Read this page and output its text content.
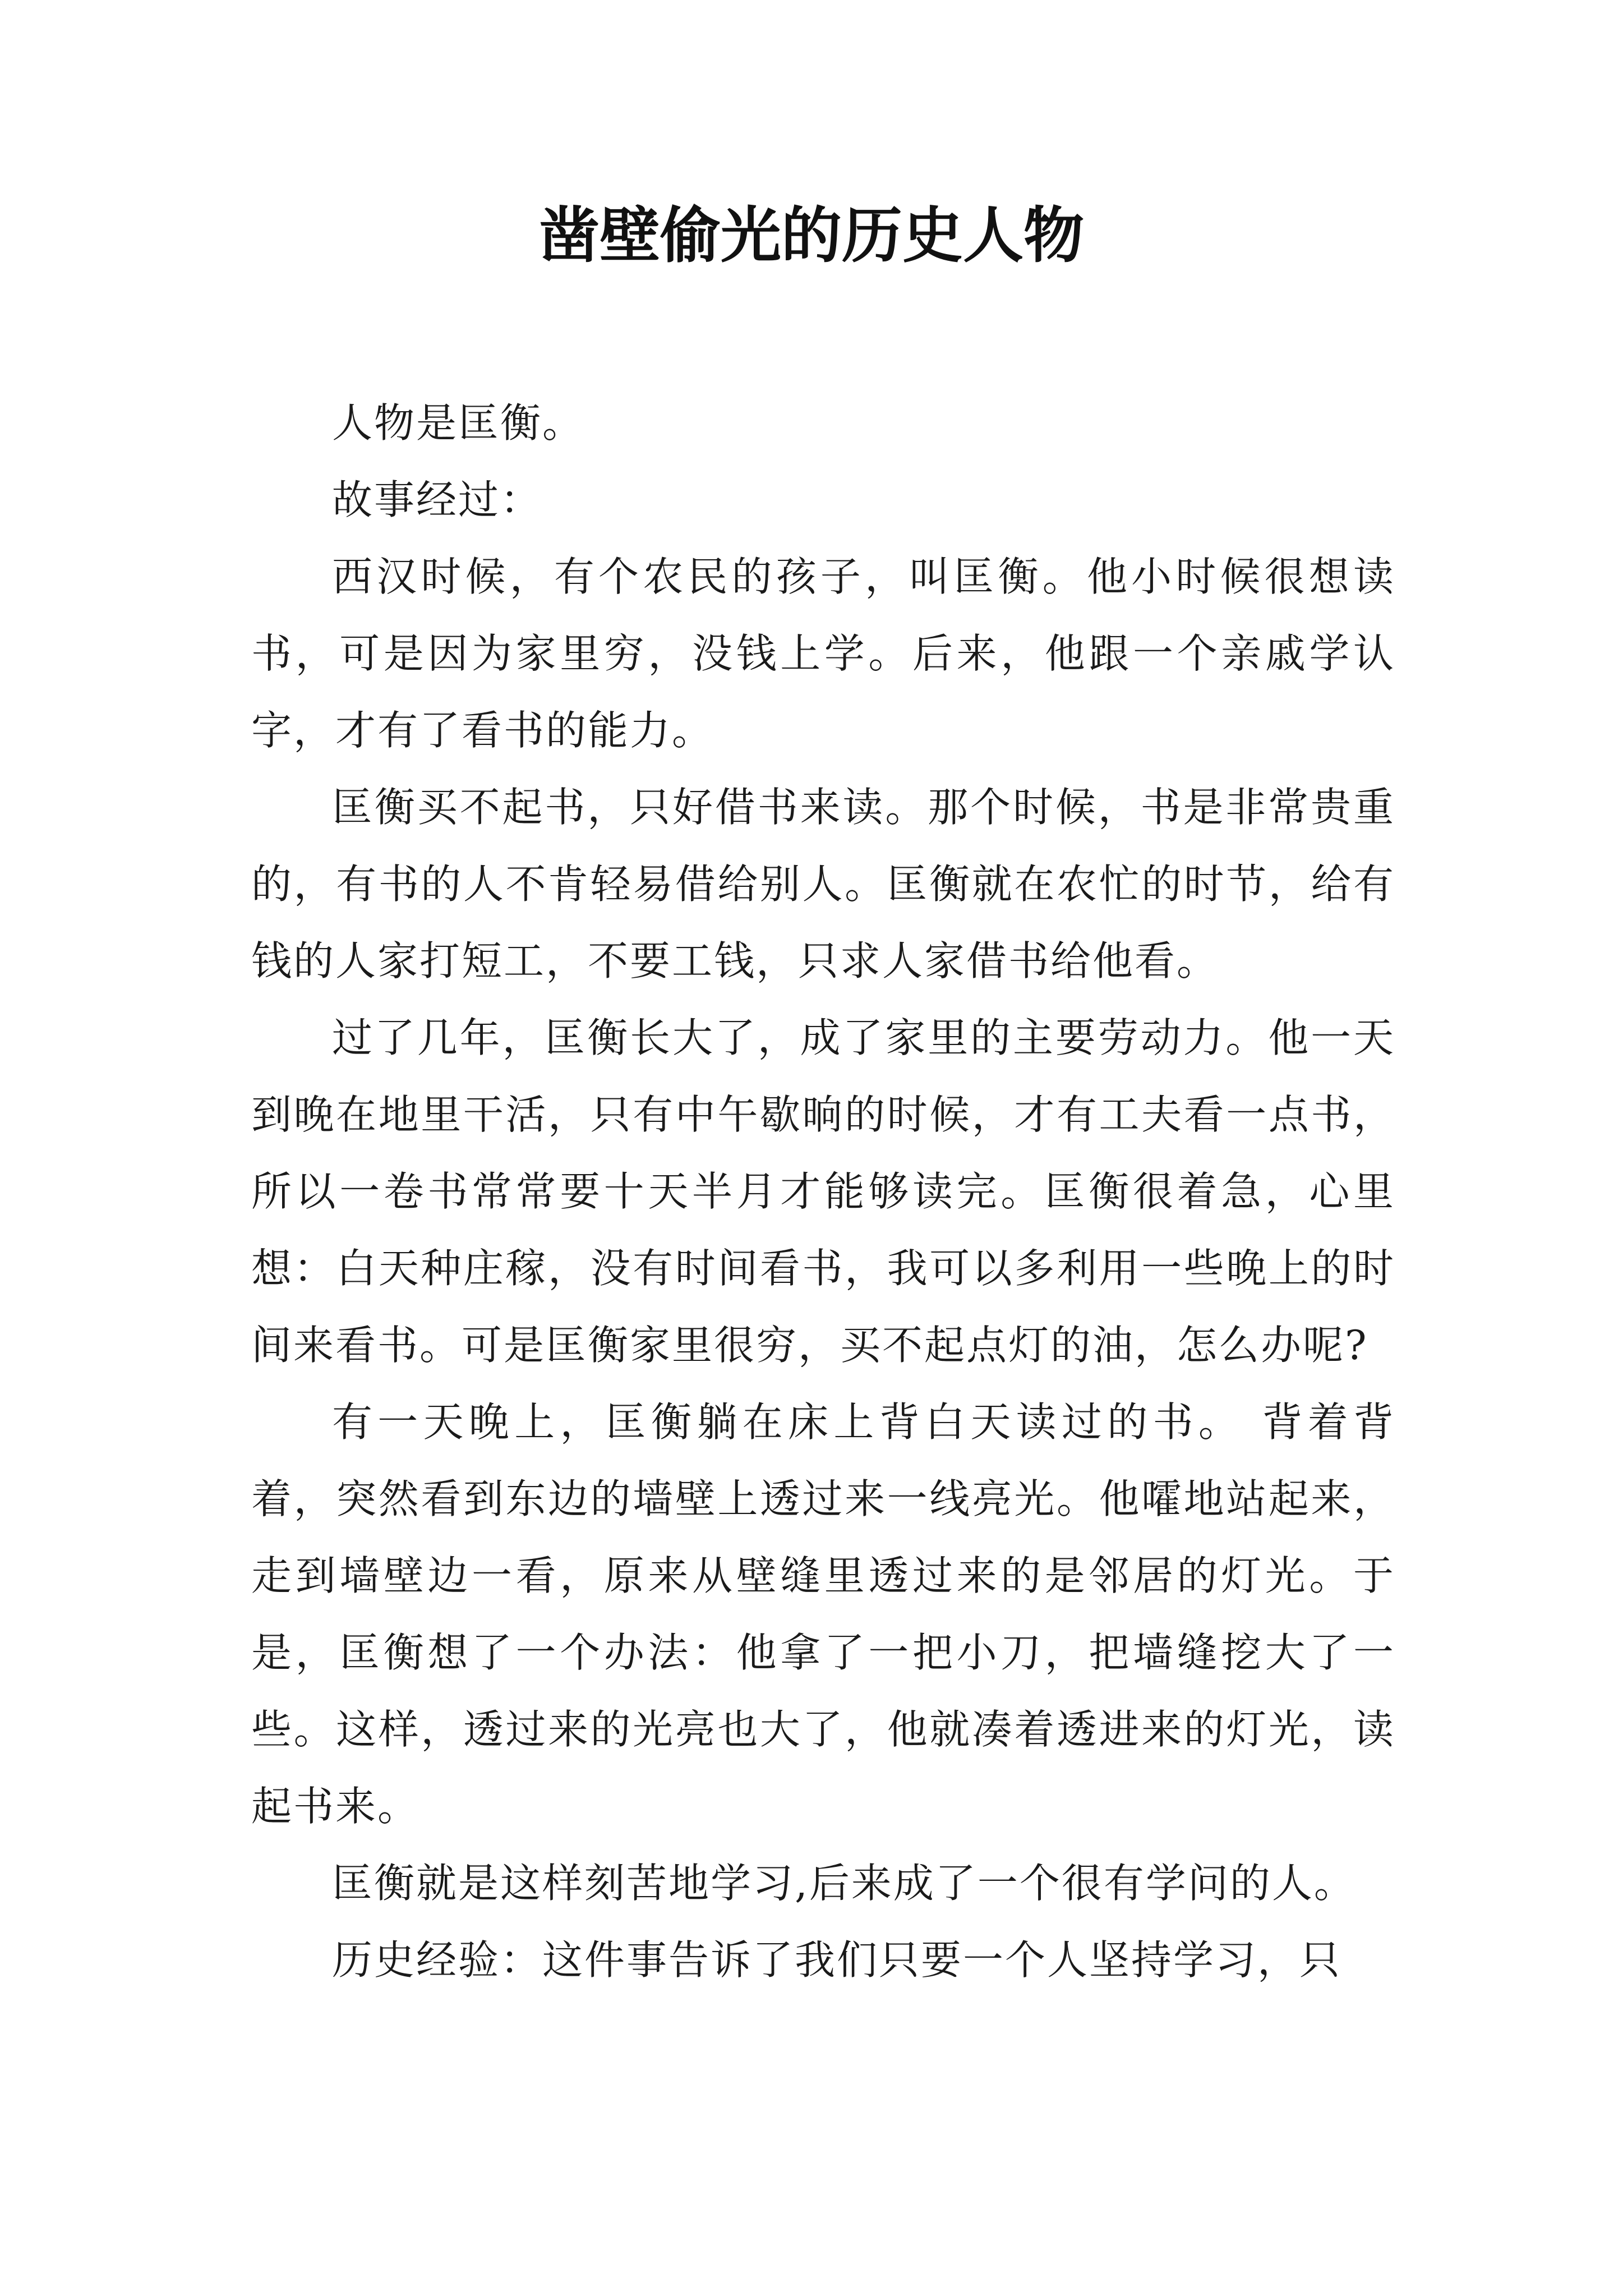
凿壁偷光的历史人物

人物是匡衡。

故事经过：

西汉时候，有个农民的孩子，叫匡衡。他小时候很想读书，可是因为家里穷，没钱上学。后来，他跟一个亲戚学认字，才有了看书的能力。

匡衡买不起书，只好借书来读。那个时候，书是非常贵重的，有书的人不肯轻易借给别人。匡衡就在农忙的时节，给有钱的人家打短工，不要工钱，只求人家借书给他看。

过了几年，匡衡长大了，成了家里的主要劳动力。他一天到晚在地里干活，只有中午歇晌的时候，才有工夫看一点书，所以一卷书常常要十天半月才能够读完。匡衡很着急，心里想：白天种庄稼，没有时间看书，我可以多利用一些晚上的时间来看书。可是匡衡家里很穷，买不起点灯的油，怎么办呢?

有一天晚上，匡衡躺在床上背白天读过的书。 背着背着，突然看到东边的墙壁上透过来一线亮光。他嚯地站起来，走到墙壁边一看，原来从壁缝里透过来的是邻居的灯光。于是，匡衡想了一个办法：他拿了一把小刀，把墙缝挖大了一些。这样，透过来的光亮也大了，他就凑着透进来的灯光，读起书来。

匡衡就是这样刻苦地学习,后来成了一个很有学问的人。

历史经验：这件事告诉了我们只要一个人坚持学习，只
